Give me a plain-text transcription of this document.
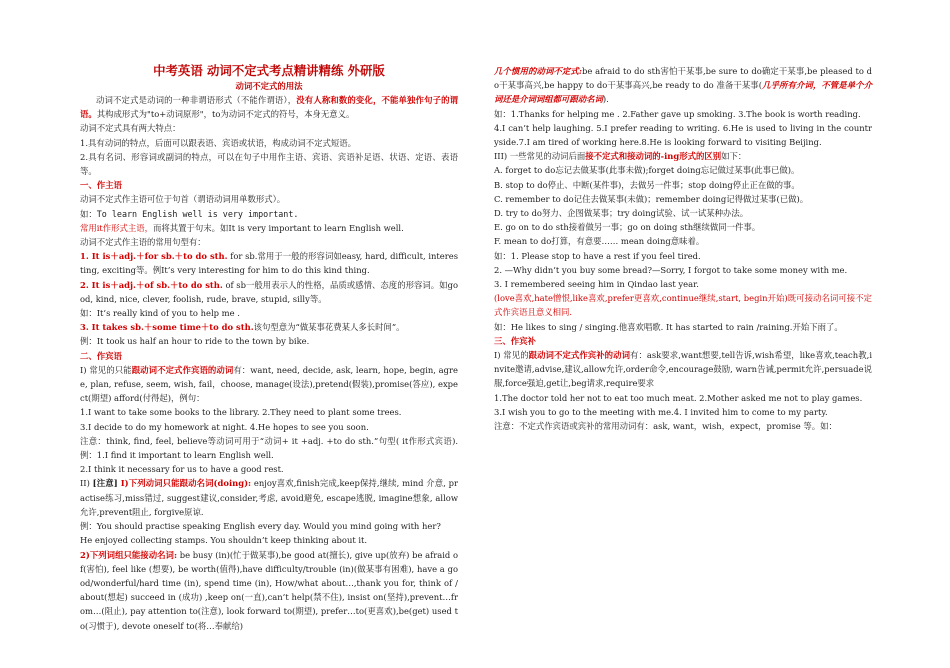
中考英语 动词不定式考点精讲精练 外研版

动词不定式的用法

动词不定式是动词的一种非谓语形式（不能作谓语），没有人称和数的变化，不能单独作句子的谓语。其构成形式为"to+动词原形"，to为动词不定式的符号，本身无意义。

动词不定式具有两大特点：

1.具有动词的特点，后面可以跟表语、宾语或状语，构成动词不定式短语。

2.具有名词、形容词或副词的特点，可以在句子中用作主语、宾语、宾语补足语、状语、定语、表语等。

一、作主语

动词不定式作主语可位于句首（谓语动词用单数形式）。

如：To learn English well is very important.

常用it作形式主语，而将其置于句末。如It is very important to learn English well.

动词不定式作主语的常用句型有：

1. It is＋adj.＋for sb.＋to do sth. for sb.常用于一般的形容词如easy, hard, difficult, interesting, exciting等。例It’s very interesting for him to do this kind thing.

2. It is＋adj.＋of sb.＋to do sth. of sb一般用表示人的性格，品质或感情、态度的形容词。如good, kind, nice, clever, foolish, rude, brave, stupid, silly等。

如：It’s really kind of you to help me .

3. It takes sb.＋some time＋to do sth.该句型意为“做某事花费某人多长时间”。

例：It took us half an hour to ride to the town by bike.

二、作宾语

I) 常见的只能跟动词不定式作宾语的动词有：want, need, decide, ask, learn, hope, begin, agree, plan, refuse, seem, wish, fail，choose, manage(设法),pretend(假装),promise(答应), expect(期望) afford(付得起)，例句：

1.I want to take some books to the library. 2.They need to plant some trees.

3.I decide to do my homework at night. 4.He hopes to see you soon.

注意：think, find, feel, believe等动词可用于“动词+ it +adj. +to do sth.”句型( it作形式宾语).例：1.I find it important to learn English well.

2.I think it necessary for us to have a good rest.

II) [注意] I)下列动词只能跟动名词(doing): enjoy喜欢,finish完成,keep保持,继续, mind 介意, practise练习,miss错过, suggest建议,consider,考虑, avoid避免, escape逃脱, imagine想象, allow允许,prevent阻止, forgive原谅.

例：You should practise speaking English every day. Would you mind going with her?

He enjoyed collecting stamps. You shouldn’t keep thinking about it.

2)下列词组只能接动名词: be busy (in)(忙于做某事),be good at(擅长), give up(放弃) be afraid of(害怕), feel like (想要), be worth(值得),have difficulty/trouble (in)(做某事有困难), have a good/wonderful/hard time (in), spend time (in), How/what about…,thank you for, think of / about(想起) succeed in (成功) ,keep on(一直),can’t help(禁不住), insist on(坚持),prevent…from…(阻止), pay attention to(注意), look forward to(期望), prefer…to(更喜欢),be(get) used to(习惯于), devote oneself to(将…奉献给)

几个惯用的动词不定式:be afraid to do sth害怕干某事,be sure to do确定干某事,be pleased to do干某事高兴,be happy to do干某事高兴,be ready to do 准备干某事(几乎所有介词，不管是单个介词还是介词词组都可跟动名词).

如：1.Thanks for helping me . 2.Father gave up smoking. 3.The book is worth reading.

4.I can’t help laughing. 5.I prefer reading to writing. 6.He is used to living in the countryside.7.I am tired of working here.8.He is looking forward to visiting Beijing.

III) 一些常见的动词后面接不定式和接动词的-ing形式的区别如下：

A. forget to do忘记去做某事(此事未做);forget doing忘记做过某事(此事已做)。

B. stop to do停止、中断(某件事)，去做另一件事；stop doing停止正在做的事。

C. remember to do记住去做某事(未做)；remember doing记得做过某事(已做)。

D. try to do努力、企图做某事；try doing试验、试一试某种办法。

E. go on to do sth接着做另一事；go on doing sth继续做同一件事。

F. mean to do打算，有意要…… mean doing意味着。

如：1. Please stop to have a rest if you feel tired.

2. —Why didn’t you buy some bread?—Sorry, I forgot to take some money with me.

3. I remembered seeing him in Qindao last year.

(love喜欢,hate憎恨,like喜欢,prefer更喜欢,continue继续,start, begin开始)既可接动名词可接不定式作宾语且意义相同.

如：He likes to sing / singing.他喜欢唱歌. It has started to rain /raining.开始下雨了。

三、作宾补

I) 常见的跟动词不定式作宾补的动词有：ask要求,want想要,tell告诉,wish希望，like喜欢,teach教,invite邀请,advise,建议,allow允许,order命令,encourage鼓励, warn告诫,permit允许,persuade说服,force强迫,get让,beg请求,require要求

1.The doctor told her not to eat too much meat. 2.Mother asked me not to play games.

3.I wish you to go to the meeting with me.4. I invited him to come to my party.

注意：不定式作宾语或宾补的常用动词有：ask, want，wish，expect，promise 等。如：
